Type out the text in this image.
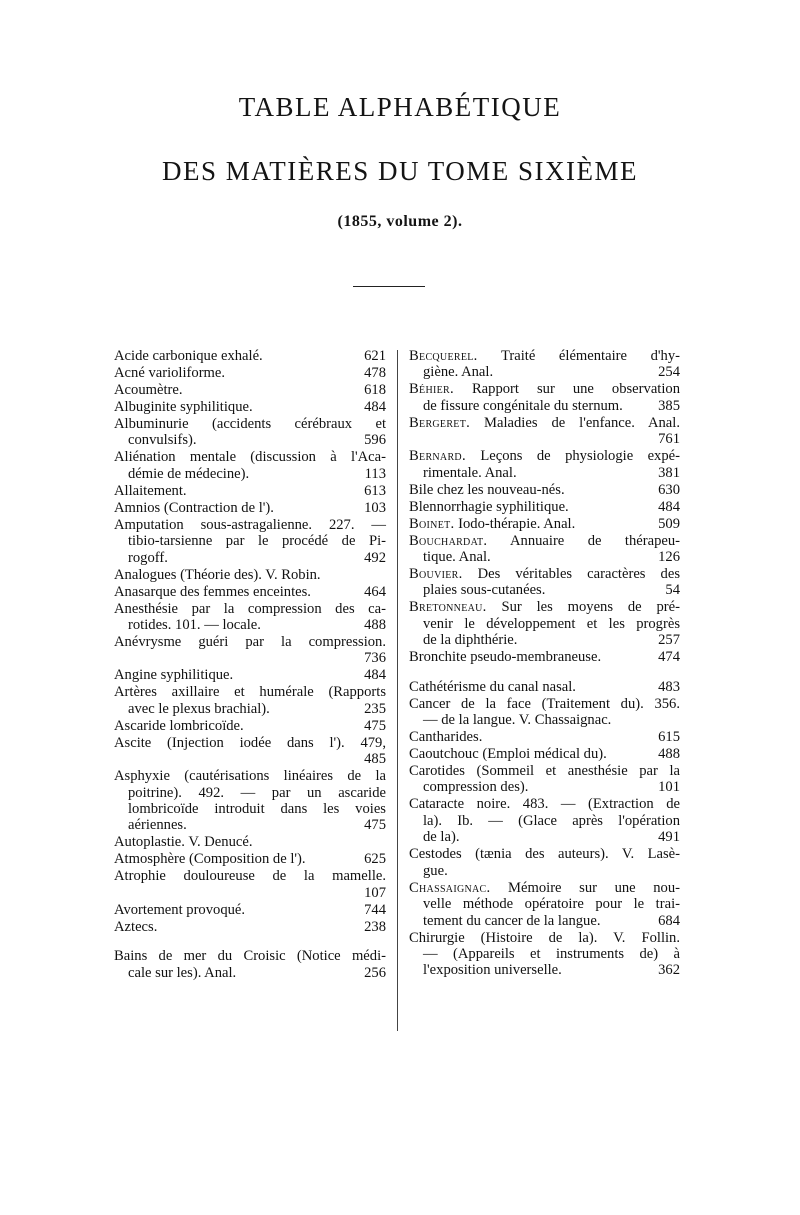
TABLE ALPHABÉTIQUE
DES MATIÈRES DU TOME SIXIÈME
(1855, volume 2).
Acide carbonique exhalé.	621
Acné varioliforme.	478
Acoumètre.	618
Albuginite syphilitique.	484
Albuminurie (accidents cérébraux et
convulsifs).	596
Aliénation mentale (discussion à l'Aca-
démie de médecine).	113
Allaitement.	613
Amnios (Contraction de l').	103
Amputation sous-astragalienne. 227. —
tibio-tarsienne par le procédé de Pi-
rogoff.	492
Analogues (Théorie des). V. Robin.
Anasarque des femmes enceintes.	464
Anesthésie par la compression des ca-
rotides. 101. — locale.	488
Anévrysme guéri par la compression.
736
Angine syphilitique.	484
Artères axillaire et humérale (Rapports
avec le plexus brachial).	235
Ascaride lombricoïde.	475
Ascite (Injection iodée dans l'). 479,
485
Asphyxie (cautérisations linéaires de la
poitrine). 492. — par un ascaride
lombricoïde introduit dans les voies
aériennes.	475
Autoplastie. V. Denucé.
Atmosphère (Composition de l').	625
Atrophie douloureuse de la mamelle.
107
Avortement provoqué.	744
Aztecs.	238
Bains de mer du Croisic (Notice médi-
cale sur les). Anal.	256
Becquerel. Traité élémentaire d'hy-
giène. Anal.	254
Béhier. Rapport sur une observation
de fissure congénitale du sternum. 385
Bergeret. Maladies de l'enfance. Anal.
761
Bernard. Leçons de physiologie expé-
rimentale. Anal.	381
Bile chez les nouveau-nés.	630
Blennorrhagie syphilitique.	484
Boinet. Iodo-thérapie. Anal.	509
Bouchardat. Annuaire de thérapeu-
tique. Anal.	126
Bouvier. Des véritables caractères des
plaies sous-cutanées.	54
Bretonneau. Sur les moyens de pré-
venir le développement et les progrès
de la diphthérie.	257
Bronchite pseudo-membraneuse.	474
Cathétérisme du canal nasal.	483
Cancer de la face (Traitement du). 356.
— de la langue. V. Chassaignac.
Cantharides.	615
Caoutchouc (Emploi médical du).	488
Carotides (Sommeil et anesthésie par la
compression des).	101
Cataracte noire. 483. — (Extraction de
la). Ib. — (Glace après l'opération
de la).	491
Cestodes (tænia des auteurs). V. Lasè-
gue.
Chassaignac. Mémoire sur une nou-
velle méthode opératoire pour le trai-
tement du cancer de la langue.	684
Chirurgie (Histoire de la). V. Follin.
— (Appareils et instruments de) à
l'exposition universelle.	362
